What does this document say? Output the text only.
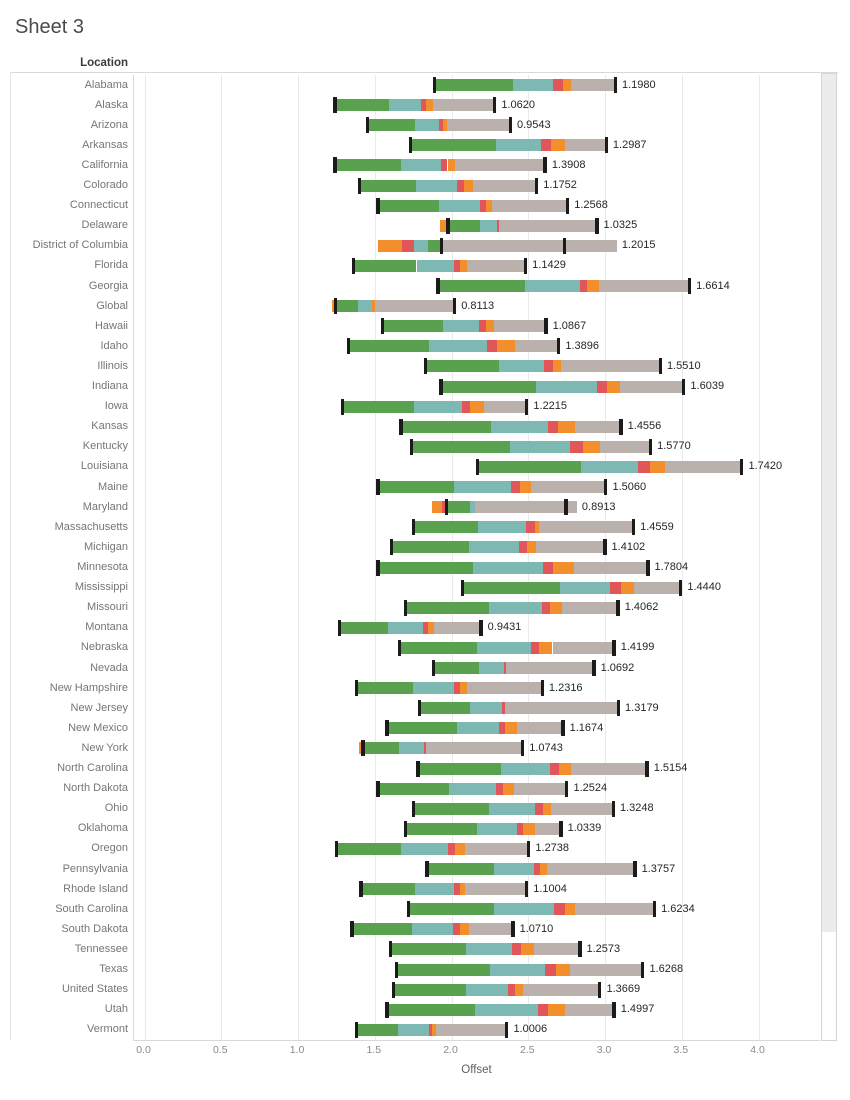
Sheet 3
Location
Alabama
Alaska
Arizona
Arkansas
California
Colorado
Connecticut
Delaware
District of Columbia
Florida
Georgia
Global
Hawaii
Idaho
Illinois
Indiana
Iowa
Kansas
Kentucky
Louisiana
Maine
Maryland
Massachusetts
Michigan
Minnesota
Mississippi
Missouri
Montana
Nebraska
Nevada
New Hampshire
New Jersey
New Mexico
New York
North Carolina
North Dakota
Ohio
Oklahoma
Oregon
Pennsylvania
Rhode Island
South Carolina
South Dakota
Tennessee
Texas
United States
Utah
Vermont
1.1980
1.0620
0.9543
1.2987
1.3908
1.1752
1.2568
1.0325
1.2015
1.1429
1.6614
0.8113
1.0867
1.3896
1.5510
1.6039
1.2215
1.4556
1.5770
1.7420
1.5060
0.8913
1.4559
1.4102
1.7804
1.4440
1.4062
0.9431
1.4199
1.0692
1.2316
1.3179
1.1674
1.0743
1.5154
1.2524
1.3248
1.0339
1.2738
1.3757
1.1004
1.6234
1.0710
1.2573
1.6268
1.3669
1.4997
1.0006
0.0	0.5	1.0	1.5	2.0	2.5	3.0	3.5	4.0
Offset
